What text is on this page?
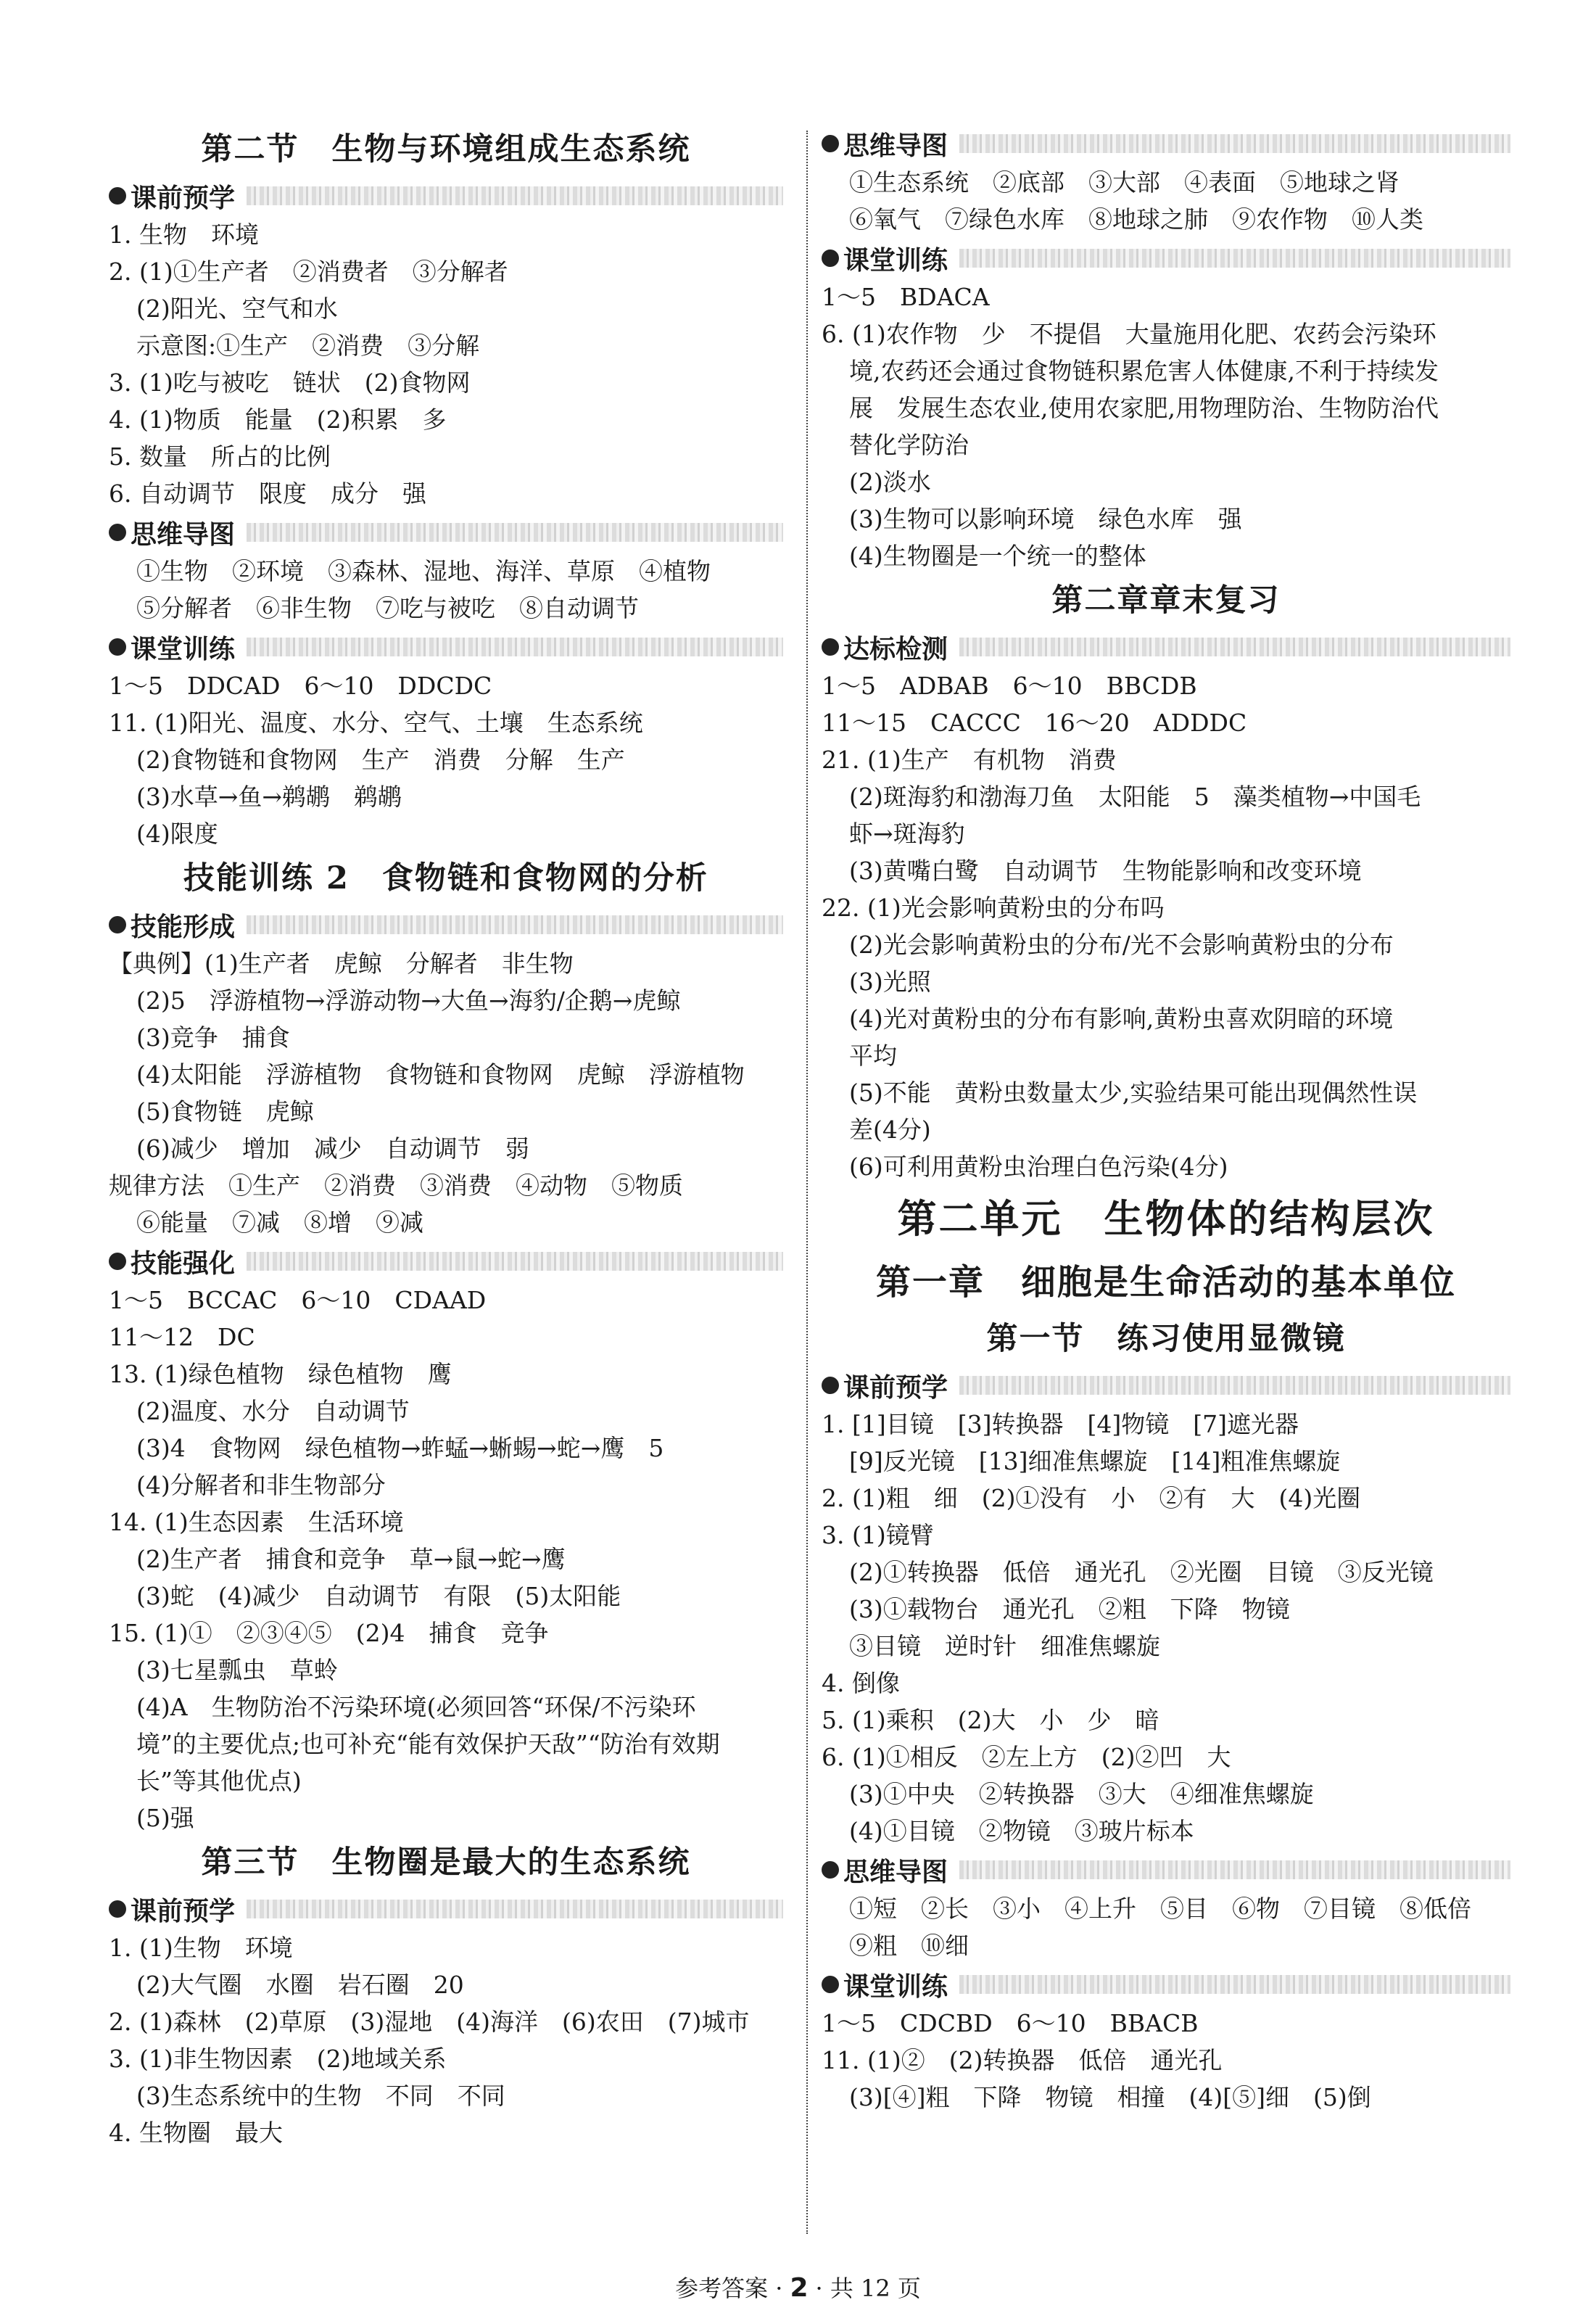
第二节　生物与环境组成生态系统
课前预学
1. 生物　环境
2. (1)①生产者　②消费者　③分解者
(2)阳光、空气和水
示意图:①生产　②消费　③分解
3. (1)吃与被吃　链状　(2)食物网
4. (1)物质　能量　(2)积累　多
5. 数量　所占的比例
6. 自动调节　限度　成分　强
思维导图
①生物　②环境　③森林、湿地、海洋、草原　④植物
⑤分解者　⑥非生物　⑦吃与被吃　⑧自动调节
课堂训练
1～5　DDCAD　6～10　DDCDC
11. (1)阳光、温度、水分、空气、土壤　生态系统
(2)食物链和食物网　生产　消费　分解　生产
(3)水草→鱼→鹈鹕　鹈鹕
(4)限度
技能训练 2　食物链和食物网的分析
技能形成
【典例】(1)生产者　虎鲸　分解者　非生物
(2)5　浮游植物→浮游动物→大鱼→海豹/企鹅→虎鲸
(3)竞争　捕食
(4)太阳能　浮游植物　食物链和食物网　虎鲸　浮游植物
(5)食物链　虎鲸
(6)减少　增加　减少　自动调节　弱
规律方法　①生产　②消费　③消费　④动物　⑤物质
⑥能量　⑦减　⑧增　⑨减
技能强化
1～5　BCCAC　6～10　CDAAD
11～12　DC
13. (1)绿色植物　绿色植物　鹰
(2)温度、水分　自动调节
(3)4　食物网　绿色植物→蚱蜢→蜥蜴→蛇→鹰　5
(4)分解者和非生物部分
14. (1)生态因素　生活环境
(2)生产者　捕食和竞争　草→鼠→蛇→鹰
(3)蛇　(4)减少　自动调节　有限　(5)太阳能
15. (1)①　②③④⑤　(2)4　捕食　竞争
(3)七星瓢虫　草蛉
(4)A　生物防治不污染环境(必须回答“环保/不污染环
境”的主要优点;也可补充“能有效保护天敌”“防治有效期
长”等其他优点)
(5)强
第三节　生物圈是最大的生态系统
课前预学
1. (1)生物　环境
(2)大气圈　水圈　岩石圈　20
2. (1)森林　(2)草原　(3)湿地　(4)海洋　(6)农田　(7)城市
3. (1)非生物因素　(2)地域关系
(3)生态系统中的生物　不同　不同
4. 生物圈　最大
思维导图
①生态系统　②底部　③大部　④表面　⑤地球之肾
⑥氧气　⑦绿色水库　⑧地球之肺　⑨农作物　⑩人类
课堂训练
1～5　BDACA
6. (1)农作物　少　不提倡　大量施用化肥、农药会污染环
境,农药还会通过食物链积累危害人体健康,不利于持续发
展　发展生态农业,使用农家肥,用物理防治、生物防治代
替化学防治
(2)淡水
(3)生物可以影响环境　绿色水库　强
(4)生物圈是一个统一的整体
第二章章末复习
达标检测
1～5　ADBAB　6～10　BBCDB
11～15　CACCC　16～20　ADDDC
21. (1)生产　有机物　消费
(2)斑海豹和渤海刀鱼　太阳能　5　藻类植物→中国毛
虾→斑海豹
(3)黄嘴白鹭　自动调节　生物能影响和改变环境
22. (1)光会影响黄粉虫的分布吗
(2)光会影响黄粉虫的分布/光不会影响黄粉虫的分布
(3)光照
(4)光对黄粉虫的分布有影响,黄粉虫喜欢阴暗的环境
平均
(5)不能　黄粉虫数量太少,实验结果可能出现偶然性误
差(4分)
(6)可利用黄粉虫治理白色污染(4分)
第二单元　生物体的结构层次
第一章　细胞是生命活动的基本单位
第一节　练习使用显微镜
课前预学
1. [1]目镜　[3]转换器　[4]物镜　[7]遮光器
[9]反光镜　[13]细准焦螺旋　[14]粗准焦螺旋
2. (1)粗　细　(2)①没有　小　②有　大　(4)光圈
3. (1)镜臂
(2)①转换器　低倍　通光孔　②光圈　目镜　③反光镜
(3)①载物台　通光孔　②粗　下降　物镜
③目镜　逆时针　细准焦螺旋
4. 倒像
5. (1)乘积　(2)大　小　少　暗
6. (1)①相反　②左上方　(2)②凹　大
(3)①中央　②转换器　③大　④细准焦螺旋
(4)①目镜　②物镜　③玻片标本
思维导图
①短　②长　③小　④上升　⑤目　⑥物　⑦目镜　⑧低倍
⑨粗　⑩细
课堂训练
1～5　CDCBD　6～10　BBACB
11. (1)②　(2)转换器　低倍　通光孔
(3)[④]粗　下降　物镜　相撞　(4)[⑤]细　(5)倒
参考答案 · 2 · 共 12 页
